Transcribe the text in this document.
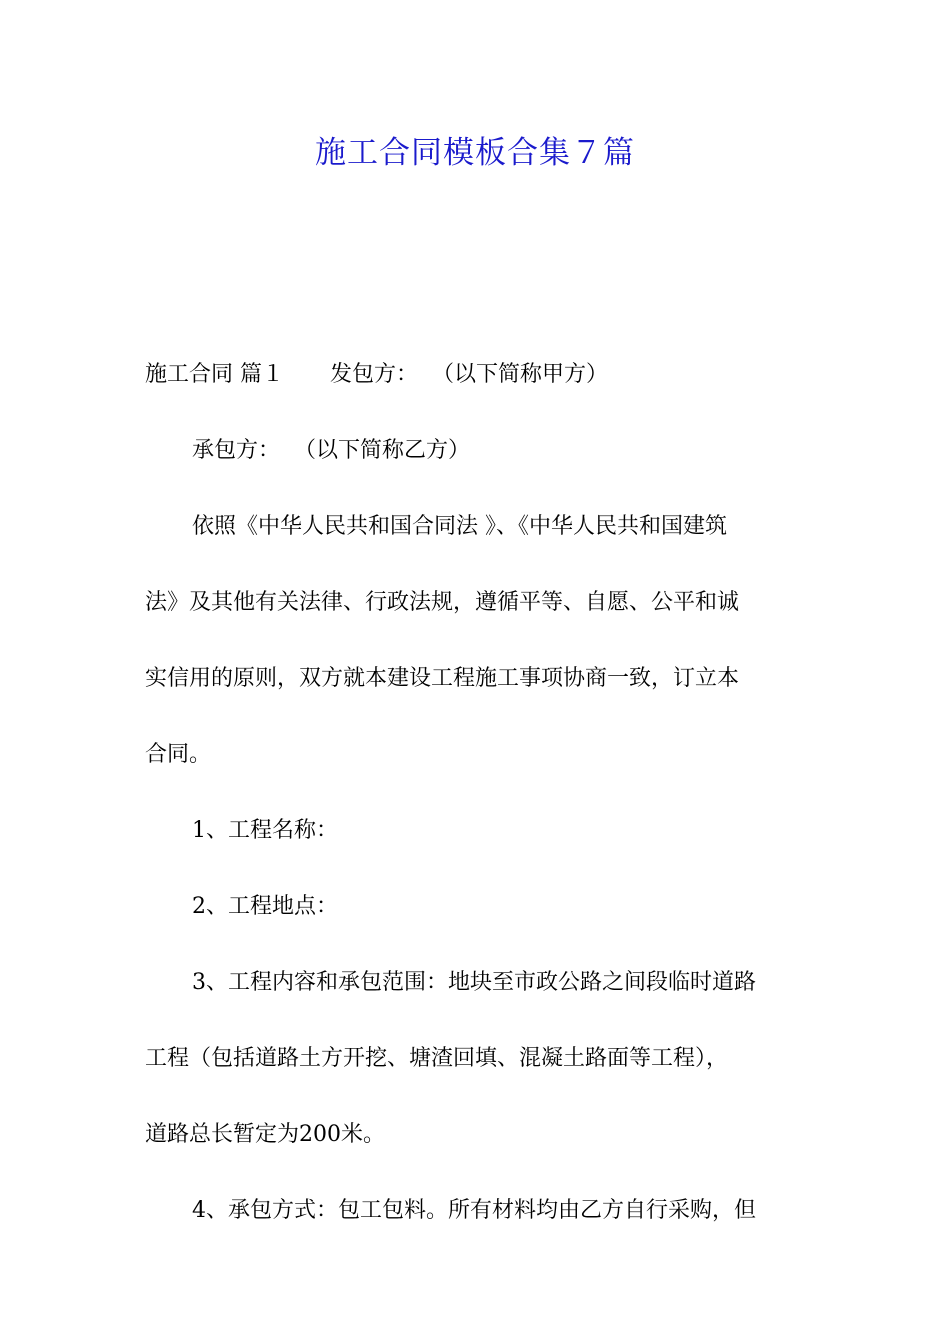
施工合同模板合集７篇
施工合同 篇１ 发包方： （以下简称甲方）
承包方： （以下简称乙方）
依照《中华人民共和国合同法 》、《中华人民共和国建筑
法》及其他有关法律、行政法规，遵循平等、自愿、公平和诚
实信用的原则，双方就本建设工程施工事项协商一致，订立本
合同。
1、工程名称：
2、工程地点：
3、工程内容和承包范围：地块至市政公路之间段临时道路
工程（包括道路土方开挖、塘渣回填、混凝土路面等工程），
道路总长暂定为200米。
4、承包方式：包工包料。所有材料均由乙方自行采购，但
